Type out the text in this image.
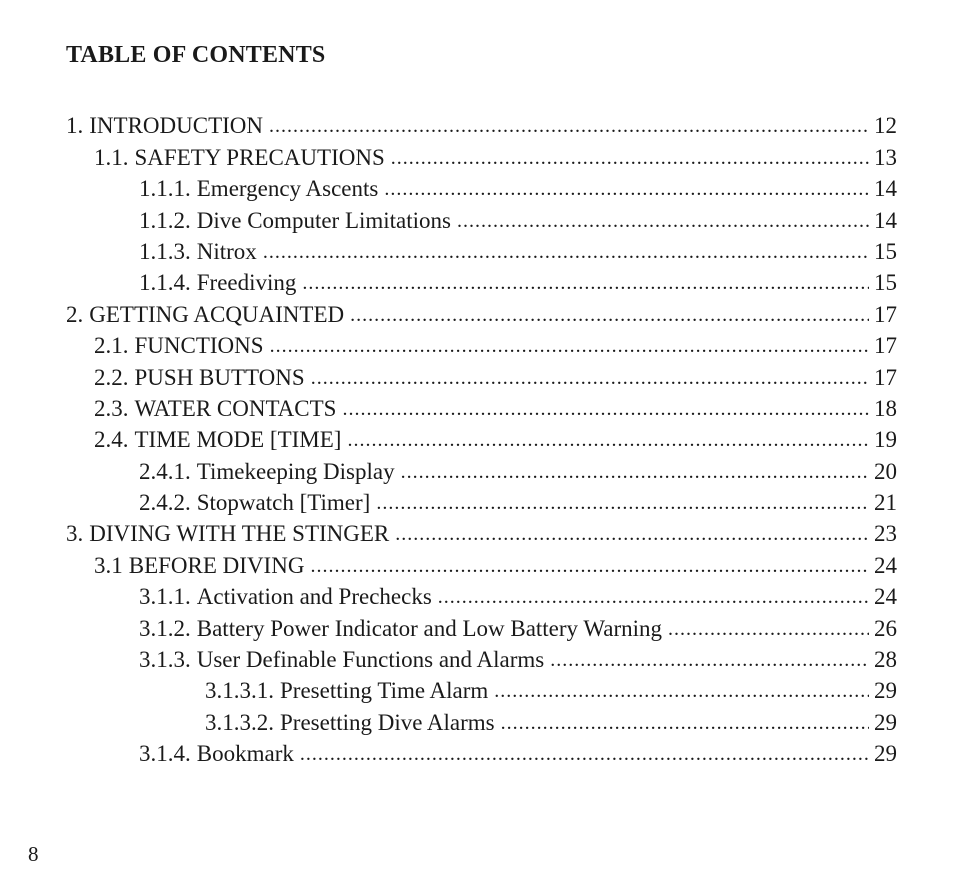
TABLE OF CONTENTS
1. INTRODUCTION .....	12
1.1. SAFETY PRECAUTIONS .....	13
1.1.1. Emergency Ascents .....	14
1.1.2. Dive Computer Limitations .....	14
1.1.3. Nitrox .....	15
1.1.4. Freediving .....	15
2. GETTING ACQUAINTED .....	17
2.1. FUNCTIONS .....	17
2.2. PUSH BUTTONS .....	17
2.3. WATER CONTACTS .....	18
2.4. TIME MODE [TIME] .....	19
2.4.1. Timekeeping Display .....	20
2.4.2. Stopwatch [Timer] .....	21
3. DIVING WITH THE STINGER .....	23
3.1 BEFORE DIVING .....	24
3.1.1. Activation and Prechecks .....	24
3.1.2. Battery Power Indicator and Low Battery Warning .....	26
3.1.3. User Definable Functions and Alarms .....	28
3.1.3.1. Presetting Time Alarm .....	29
3.1.3.2. Presetting Dive Alarms .....	29
3.1.4. Bookmark .....	29
8
